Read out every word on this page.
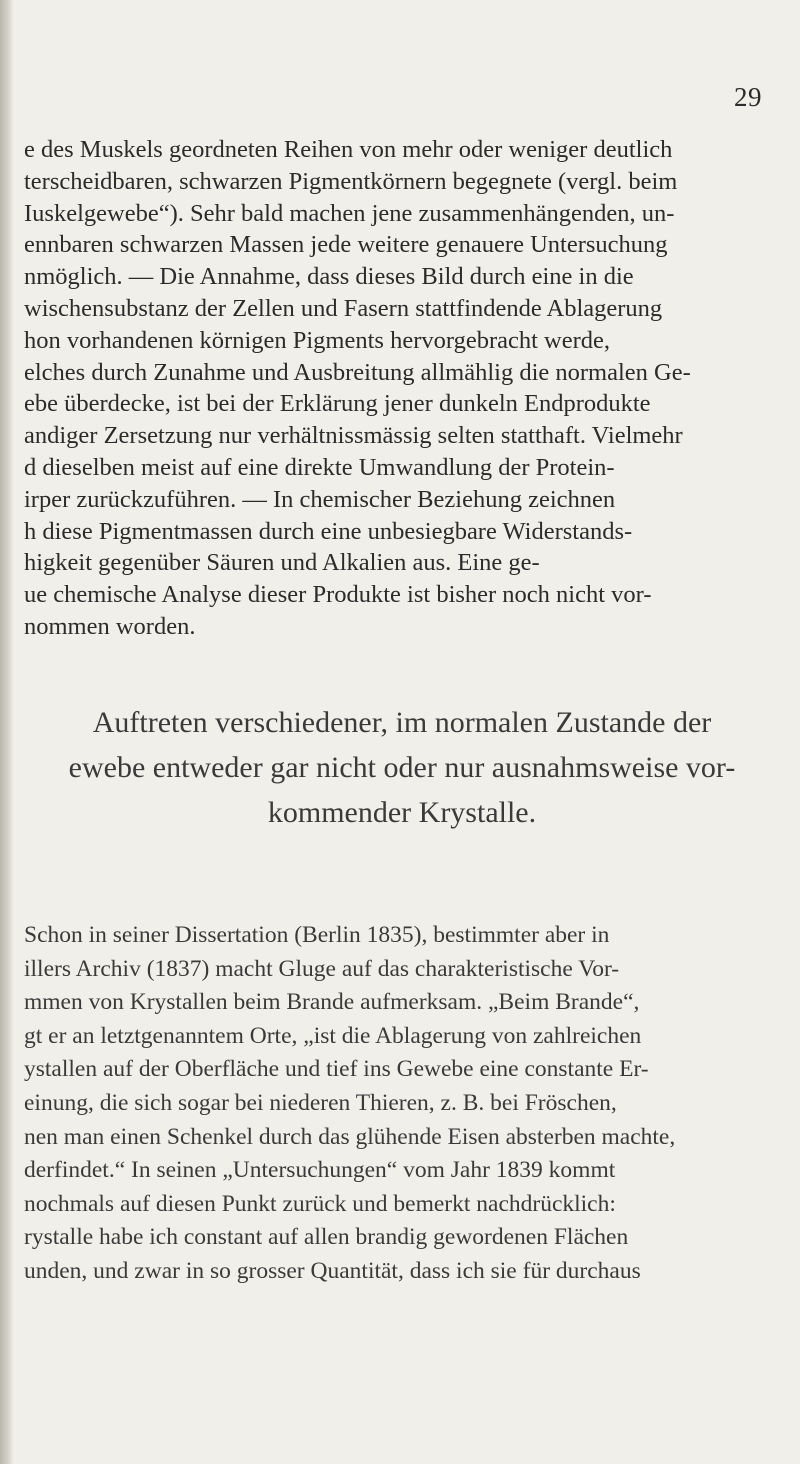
29

e des Muskels geordneten Reihen von mehr oder weniger deutlich
terscheidbaren, schwarzen Pigmentkörnern begegnete (vergl. beim
Iuskelgewebe“). Sehr bald machen jene zusammenhängenden, un-
ennbaren schwarzen Massen jede weitere genauere Untersuchung
nmöglich. — Die Annahme, dass dieses Bild durch eine in die
wischensubstanz der Zellen und Fasern stattfindende Ablagerung
hon vorhandenen körnigen Pigments hervorgebracht werde,
elches durch Zunahme und Ausbreitung allmählig die normalen Ge-
ebe überdecke, ist bei der Erklärung jener dunkeln Endprodukte
andiger Zersetzung nur verhältnissmässig selten statthaft. Vielmehr
d dieselben meist auf eine direkte Umwandlung der Protein-
irper zurückzuführen. — In chemischer Beziehung zeichnen
h diese Pigmentmassen durch eine unbesiegbare Widerstands-
higkeit gegenüber Säuren und Alkalien aus. Eine ge-
ue chemische Analyse dieser Produkte ist bisher noch nicht vor-
nommen worden.

Auftreten verschiedener, im normalen Zustande der
ewebe entweder gar nicht oder nur ausnahmsweise vor-
kommender Krystalle.

Schon in seiner Dissertation (Berlin 1835), bestimmter aber in
illers Archiv (1837) macht Gluge auf das charakteristische Vor-
mmen von Krystallen beim Brande aufmerksam. „Beim Brande“,
gt er an letztgenanntem Orte, „ist die Ablagerung von zahlreichen
ystallen auf der Oberfläche und tief ins Gewebe eine constante Er-
einung, die sich sogar bei niederen Thieren, z. B. bei Fröschen,
nen man einen Schenkel durch das glühende Eisen absterben machte,
derfindet.“ In seinen „Untersuchungen“ vom Jahr 1839 kommt
nochmals auf diesen Punkt zurück und bemerkt nachdrücklich:
rystalle habe ich constant auf allen brandig gewordenen Flächen
unden, und zwar in so grosser Quantität, dass ich sie für durchaus
